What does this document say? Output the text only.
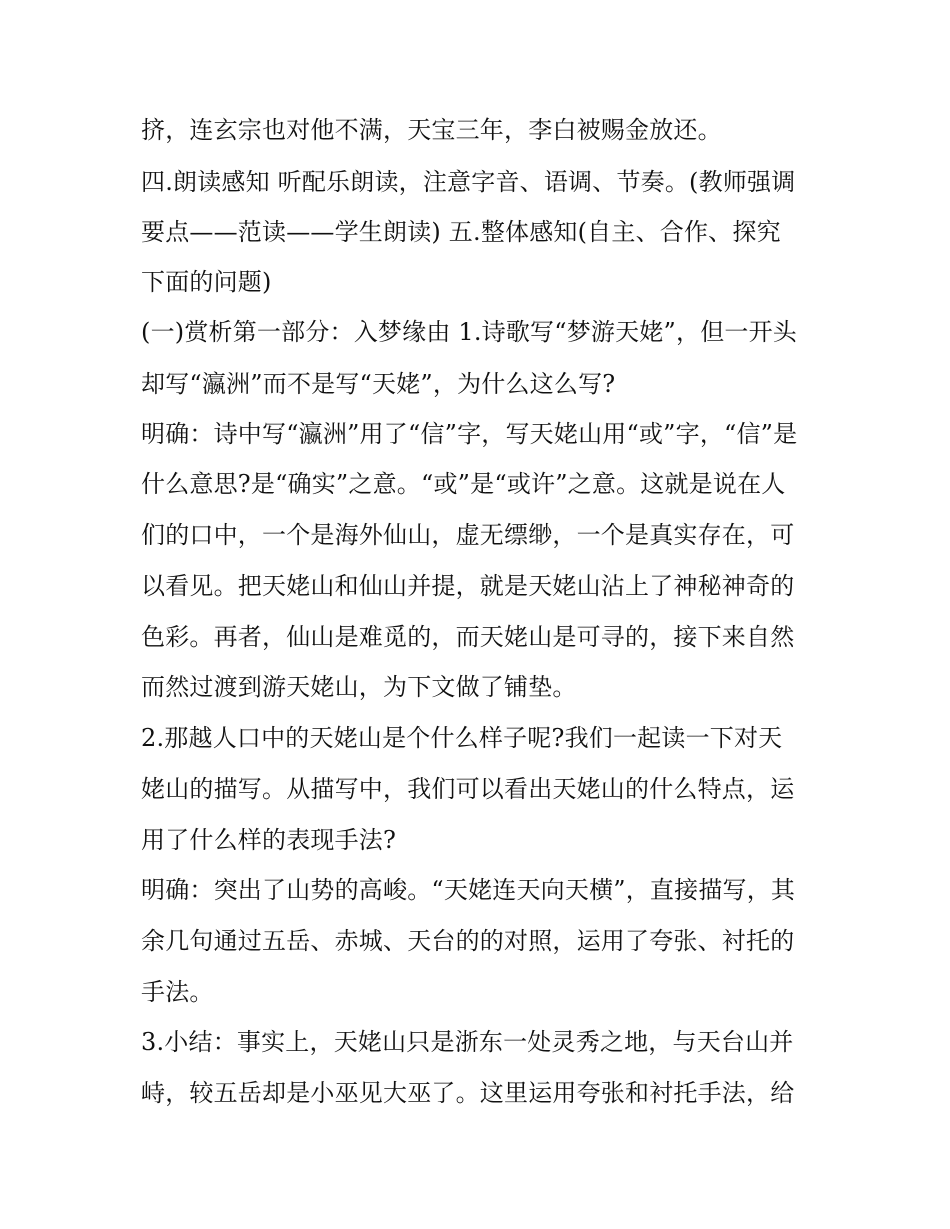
挤，连玄宗也对他不满，天宝三年，李白被赐金放还。
四.朗读感知 听配乐朗读，注意字音、语调、节奏。(教师强调
要点——范读——学生朗读) 五.整体感知(自主、合作、探究
下面的问题)
(一)赏析第一部分：入梦缘由 1.诗歌写“梦游天姥”，但一开头
却写“瀛洲”而不是写“天姥”，为什么这么写?
明确：诗中写“瀛洲”用了“信”字，写天姥山用“或”字，“信”是
什么意思?是“确实”之意。“或”是“或许”之意。这就是说在人
们的口中，一个是海外仙山，虚无缥缈，一个是真实存在，可
以看见。把天姥山和仙山并提，就是天姥山沾上了神秘神奇的
色彩。再者，仙山是难觅的，而天姥山是可寻的，接下来自然
而然过渡到游天姥山，为下文做了铺垫。
2.那越人口中的天姥山是个什么样子呢?我们一起读一下对天
姥山的描写。从描写中，我们可以看出天姥山的什么特点，运
用了什么样的表现手法?
明确：突出了山势的高峻。“天姥连天向天横”，直接描写，其
余几句通过五岳、赤城、天台的的对照，运用了夸张、衬托的
手法。
3.小结：事实上，天姥山只是浙东一处灵秀之地，与天台山并
峙，较五岳却是小巫见大巫了。这里运用夸张和衬托手法，给
